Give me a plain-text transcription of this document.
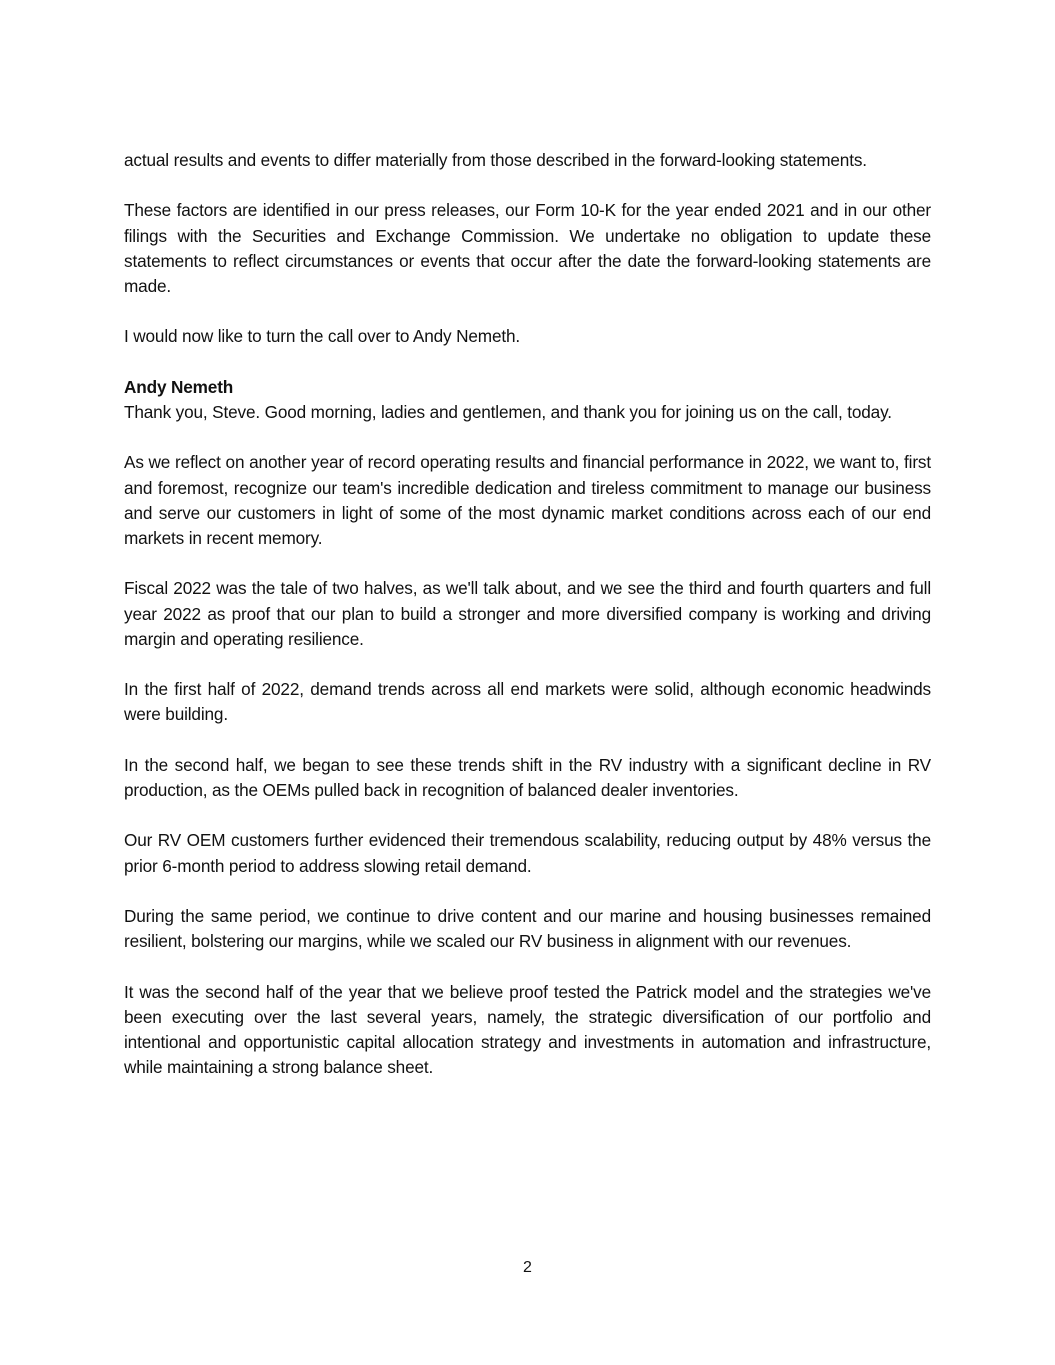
actual results and events to differ materially from those described in the forward-looking statements.

These factors are identified in our press releases, our Form 10-K for the year ended 2021 and in our other filings with the Securities and Exchange Commission. We undertake no obligation to update these statements to reflect circumstances or events that occur after the date the forward-looking statements are made.

I would now like to turn the call over to Andy Nemeth.

Andy Nemeth

Thank you, Steve. Good morning, ladies and gentlemen, and thank you for joining us on the call, today.

As we reflect on another year of record operating results and financial performance in 2022, we want to, first and foremost, recognize our team's incredible dedication and tireless commitment to manage our business and serve our customers in light of some of the most dynamic market conditions across each of our end markets in recent memory.

Fiscal 2022 was the tale of two halves, as we'll talk about, and we see the third and fourth quarters and full year 2022 as proof that our plan to build a stronger and more diversified company is working and driving margin and operating resilience.

In the first half of 2022, demand trends across all end markets were solid, although economic headwinds were building.

In the second half, we began to see these trends shift in the RV industry with a significant decline in RV production, as the OEMs pulled back in recognition of balanced dealer inventories.

Our RV OEM customers further evidenced their tremendous scalability, reducing output by 48% versus the prior 6-month period to address slowing retail demand.

During the same period, we continue to drive content and our marine and housing businesses remained resilient, bolstering our margins, while we scaled our RV business in alignment with our revenues.

It was the second half of the year that we believe proof tested the Patrick model and the strategies we've been executing over the last several years, namely, the strategic diversification of our portfolio and intentional and opportunistic capital allocation strategy and investments in automation and infrastructure, while maintaining a strong balance sheet.

2
